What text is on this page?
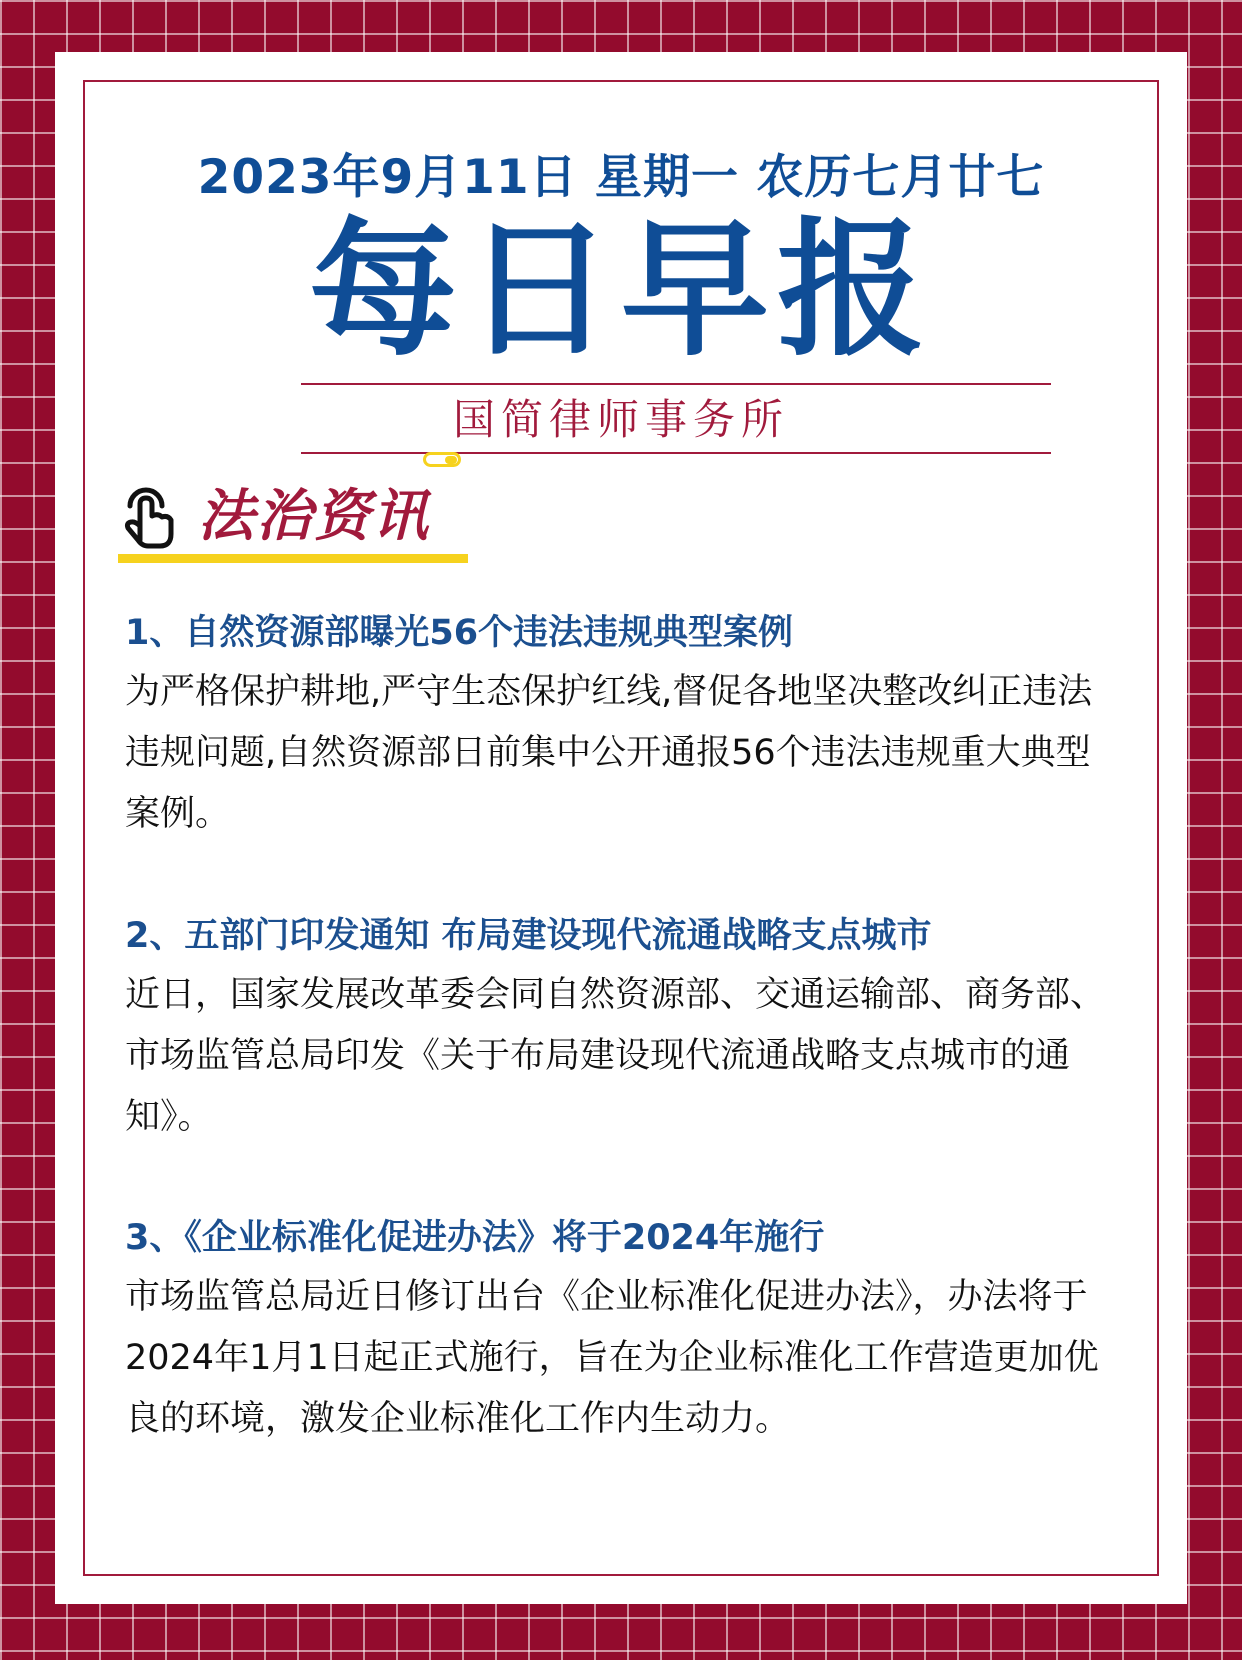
2023年9月11日 星期一 农历七月廿七
每日早报
国简律师事务所
法治资讯
1、自然资源部曝光56个违法违规典型案例
为严格保护耕地,严守生态保护红线,督促各地坚决整改纠正违法违规问题,自然资源部日前集中公开通报56个违法违规重大典型案例。
2、五部门印发通知 布局建设现代流通战略支点城市
近日，国家发展改革委会同自然资源部、交通运输部、商务部、市场监管总局印发《关于布局建设现代流通战略支点城市的通知》。
3、《企业标准化促进办法》将于2024年施行
市场监管总局近日修订出台《企业标准化促进办法》，办法将于2024年1月1日起正式施行，旨在为企业标准化工作营造更加优良的环境，激发企业标准化工作内生动力。
